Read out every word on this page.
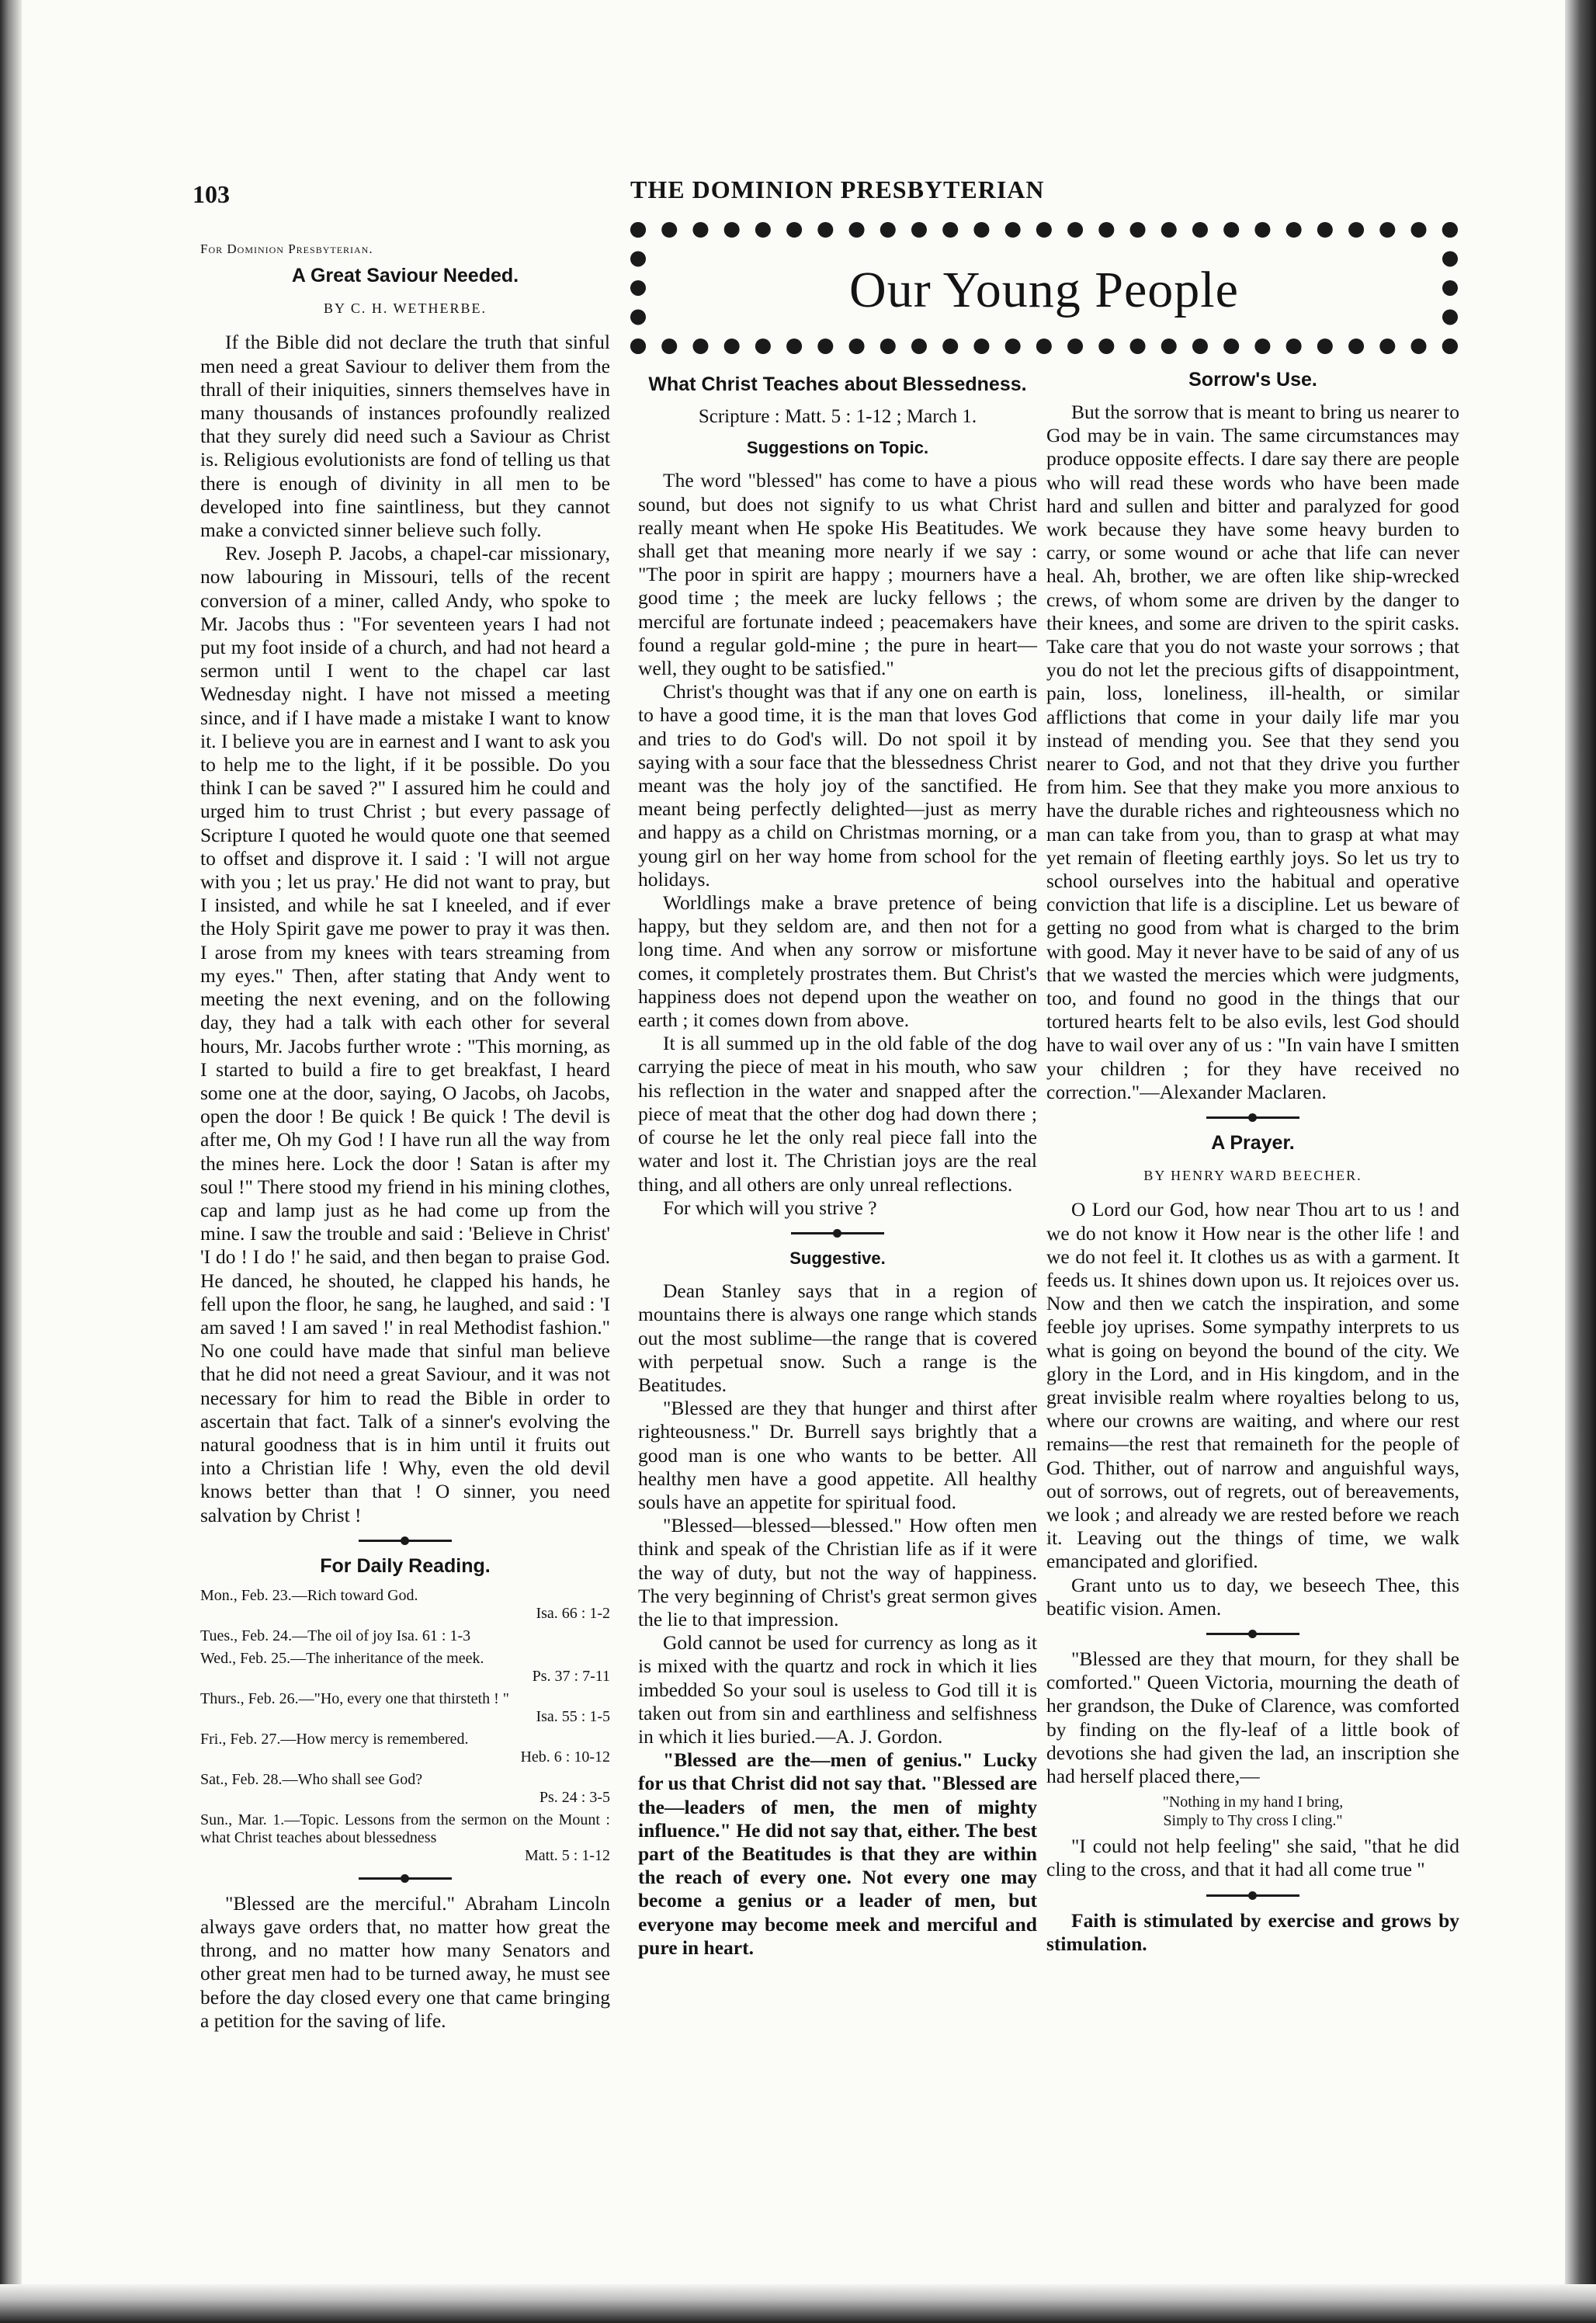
103	THE DOMINION PRESBYTERIAN
Our Young People
For Dominion Presbyterian.
A Great Saviour Needed.
BY C. H. WETHERBE.

If the Bible did not declare the truth that sinful men need a great Saviour to deliver them from the thrall of their iniquities, sinners themselves have in many thousands of instances profoundly realized that they surely did need such a Saviour as Christ is. Religious evolutionists are fond of telling us that there is enough of divinity in all men to be developed into fine saintliness, but they cannot make a convicted sinner believe such folly.

Rev. Joseph P. Jacobs, a chapel-car missionary, now labouring in Missouri, tells of the recent conversion of a miner, called Andy, who spoke to Mr. Jacobs thus : "For seventeen years I had not put my foot inside of a church, and had not heard a sermon until I went to the chapel car last Wednesday night. I have not missed a meeting since, and if I have made a mistake I want to know it. I believe you are in earnest and I want to ask you to help me to the light, if it be possible. Do you think I can be saved ?" I assured him he could and urged him to trust Christ ; but every passage of Scripture I quoted he would quote one that seemed to offset and disprove it. I said : 'I will not argue with you ; let us pray.' He did not want to pray, but I insisted, and while he sat I kneeled, and if ever the Holy Spirit gave me power to pray it was then. I arose from my knees with tears streaming from my eyes." Then, after stating that Andy went to meeting the next evening, and on the following day, they had a talk with each other for several hours, Mr. Jacobs further wrote : "This morning, as I started to build a fire to get breakfast, I heard some one at the door, saying, O Jacobs, oh Jacobs, open the door ! Be quick ! Be quick ! The devil is after me, Oh my God ! I have run all the way from the mines here. Lock the door ! Satan is after my soul !" There stood my friend in his mining clothes, cap and lamp just as he had come up from the mine. I saw the trouble and said : 'Believe in Christ' 'I do ! I do !' he said, and then began to praise God. He danced, he shouted, he clapped his hands, he fell upon the floor, he sang, he laughed, and said : 'I am saved ! I am saved !' in real Methodist fashion." No one could have made that sinful man believe that he did not need a great Saviour, and it was not necessary for him to read the Bible in order to ascertain that fact. Talk of a sinner's evolving the natural goodness that is in him until it fruits out into a Christian life ! Why, even the old devil knows better than that ! O sinner, you need salvation by Christ !

For Daily Reading.
Mon., Feb. 23.—Rich toward God.
Isa. 66 : 1-2
Tues., Feb. 24.—The oil of joy Isa. 61 : 1-3
Wed., Feb. 25.—The inheritance of the meek.
Ps. 37 : 7-11
Thurs., Feb. 26.—"Ho, every one that thirsteth ! "
Isa. 55 : 1-5
Fri., Feb. 27.—How mercy is remembered.
Heb. 6 : 10-12
Sat., Feb. 28.—Who shall see God?
Ps. 24 : 3-5
Sun., Mar. 1.—Topic. Lessons from the sermon on the Mount : what Christ teaches about blessedness
Matt. 5 : 1-12

"Blessed are the merciful." Abraham Lincoln always gave orders that, no matter how great the throng, and no matter how many Senators and other great men had to be turned away, he must see before the day closed every one that came bringing a petition for the saving of life.

What Christ Teaches about Blessedness.
Scripture : Matt. 5 : 1-12 ; March 1.
Suggestions on Topic.

The word "blessed" has come to have a pious sound, but does not signify to us what Christ really meant when He spoke His Beatitudes. We shall get that meaning more nearly if we say : "The poor in spirit are happy ; mourners have a good time ; the meek are lucky fellows ; the merciful are fortunate indeed ; peacemakers have found a regular gold-mine ; the pure in heart—well, they ought to be satisfied."

Christ's thought was that if any one on earth is to have a good time, it is the man that loves God and tries to do God's will. Do not spoil it by saying with a sour face that the blessedness Christ meant was the holy joy of the sanctified. He meant being perfectly delighted—just as merry and happy as a child on Christmas morning, or a young girl on her way home from school for the holidays.

Worldlings make a brave pretence of being happy, but they seldom are, and then not for a long time. And when any sorrow or misfortune comes, it completely prostrates them. But Christ's happiness does not depend upon the weather on earth ; it comes down from above.

It is all summed up in the old fable of the dog carrying the piece of meat in his mouth, who saw his reflection in the water and snapped after the piece of meat that the other dog had down there ; of course he let the only real piece fall into the water and lost it. The Christian joys are the real thing, and all others are only unreal reflections.

For which will you strive ?

Suggestive.

Dean Stanley says that in a region of mountains there is always one range which stands out the most sublime—the range that is covered with perpetual snow. Such a range is the Beatitudes.

"Blessed are they that hunger and thirst after righteousness." Dr. Burrell says brightly that a good man is one who wants to be better. All healthy men have a good appetite. All healthy souls have an appetite for spiritual food.

"Blessed—blessed—blessed." How often men think and speak of the Christian life as if it were the way of duty, but not the way of happiness. The very beginning of Christ's great sermon gives the lie to that impression.

Gold cannot be used for currency as long as it is mixed with the quartz and rock in which it lies imbedded So your soul is useless to God till it is taken out from sin and earthliness and selfishness in which it lies buried.—A. J. Gordon.

"Blessed are the—men of genius." Lucky for us that Christ did not say that. "Blessed are the—leaders of men, the men of mighty influence." He did not say that, either. The best part of the Beatitudes is that they are within the reach of every one. Not every one may become a genius or a leader of men, but everyone may become meek and merciful and pure in heart.

Sorrow's Use.

But the sorrow that is meant to bring us nearer to God may be in vain. The same circumstances may produce opposite effects. I dare say there are people who will read these words who have been made hard and sullen and bitter and paralyzed for good work because they have some heavy burden to carry, or some wound or ache that life can never heal. Ah, brother, we are often like ship-wrecked crews, of whom some are driven by the danger to their knees, and some are driven to the spirit casks. Take care that you do not waste your sorrows ; that you do not let the precious gifts of disappointment, pain, loss, loneliness, ill-health, or similar afflictions that come in your daily life mar you instead of mending you. See that they send you nearer to God, and not that they drive you further from him. See that they make you more anxious to have the durable riches and righteousness which no man can take from you, than to grasp at what may yet remain of fleeting earthly joys. So let us try to school ourselves into the habitual and operative conviction that life is a discipline. Let us beware of getting no good from what is charged to the brim with good. May it never have to be said of any of us that we wasted the mercies which were judgments, too, and found no good in the things that our tortured hearts felt to be also evils, lest God should have to wail over any of us : "In vain have I smitten your children ; for they have received no correction."—Alexander Maclaren.

A Prayer.
BY HENRY WARD BEECHER.

O Lord our God, how near Thou art to us ! and we do not know it How near is the other life ! and we do not feel it. It clothes us as with a garment. It feeds us. It shines down upon us. It rejoices over us. Now and then we catch the inspiration, and some feeble joy uprises. Some sympathy interprets to us what is going on beyond the bound of the city. We glory in the Lord, and in His kingdom, and in the great invisible realm where royalties belong to us, where our crowns are waiting, and where our rest remains—the rest that remaineth for the people of God. Thither, out of narrow and anguishful ways, out of sorrows, out of regrets, out of bereavements, we look ; and already we are rested before we reach it. Leaving out the things of time, we walk emancipated and glorified.

Grant unto us to day, we beseech Thee, this beatific vision. Amen.

"Blessed are they that mourn, for they shall be comforted." Queen Victoria, mourning the death of her grandson, the Duke of Clarence, was comforted by finding on the fly-leaf of a little book of devotions she had given the lad, an inscription she had herself placed there,—

"Nothing in my hand I bring,
Simply to Thy cross I cling."

"I could not help feeling" she said, "that he did cling to the cross, and that it had all come true "

Faith is stimulated by exercise and grows by stimulation.
